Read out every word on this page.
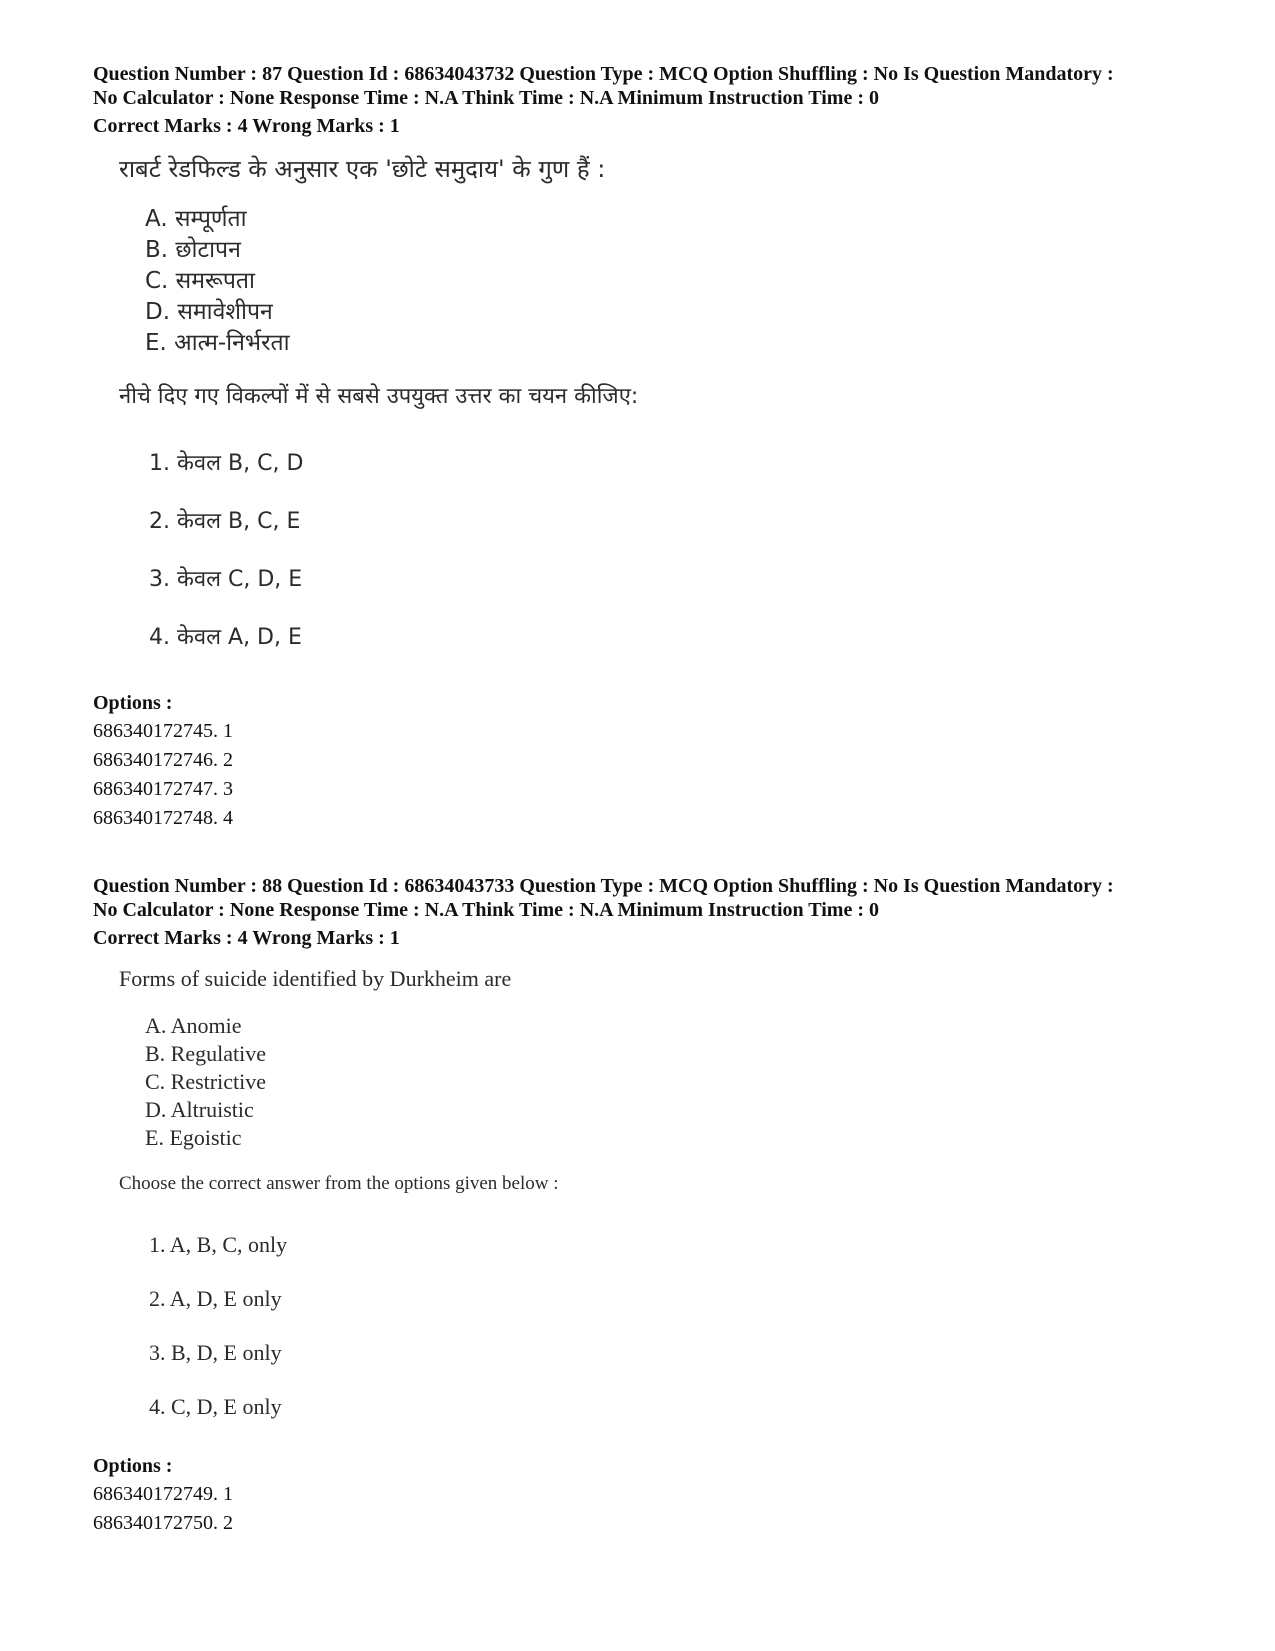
Question Number : 87 Question Id : 68634043732 Question Type : MCQ Option Shuffling : No Is Question Mandatory :

No Calculator : None Response Time : N.A Think Time : N.A Minimum Instruction Time : 0

Correct Marks : 4 Wrong Marks : 1

राबर्ट रेडफिल्ड के अनुसार एक 'छोटे समुदाय' के गुण हैं :

A. सम्पूर्णता
B. छोटापन
C. समरूपता
D. समावेशीपन
E. आत्म-निर्भरता

नीचे दिए गए विकल्पों में से सबसे उपयुक्त उत्तर का चयन कीजिए:

1. केवल B, C, D
2. केवल B, C, E
3. केवल C, D, E
4. केवल A, D, E

Options :

686340172745. 1
686340172746. 2
686340172747. 3
686340172748. 4

Question Number : 88 Question Id : 68634043733 Question Type : MCQ Option Shuffling : No Is Question Mandatory :

No Calculator : None Response Time : N.A Think Time : N.A Minimum Instruction Time : 0

Correct Marks : 4 Wrong Marks : 1

Forms of suicide identified by Durkheim are

A. Anomie
B. Regulative
C. Restrictive
D. Altruistic
E. Egoistic

Choose the correct answer from the options given below :

1. A, B, C, only
2. A, D, E only
3. B, D, E only
4. C, D, E only

Options :

686340172749. 1
686340172750. 2
